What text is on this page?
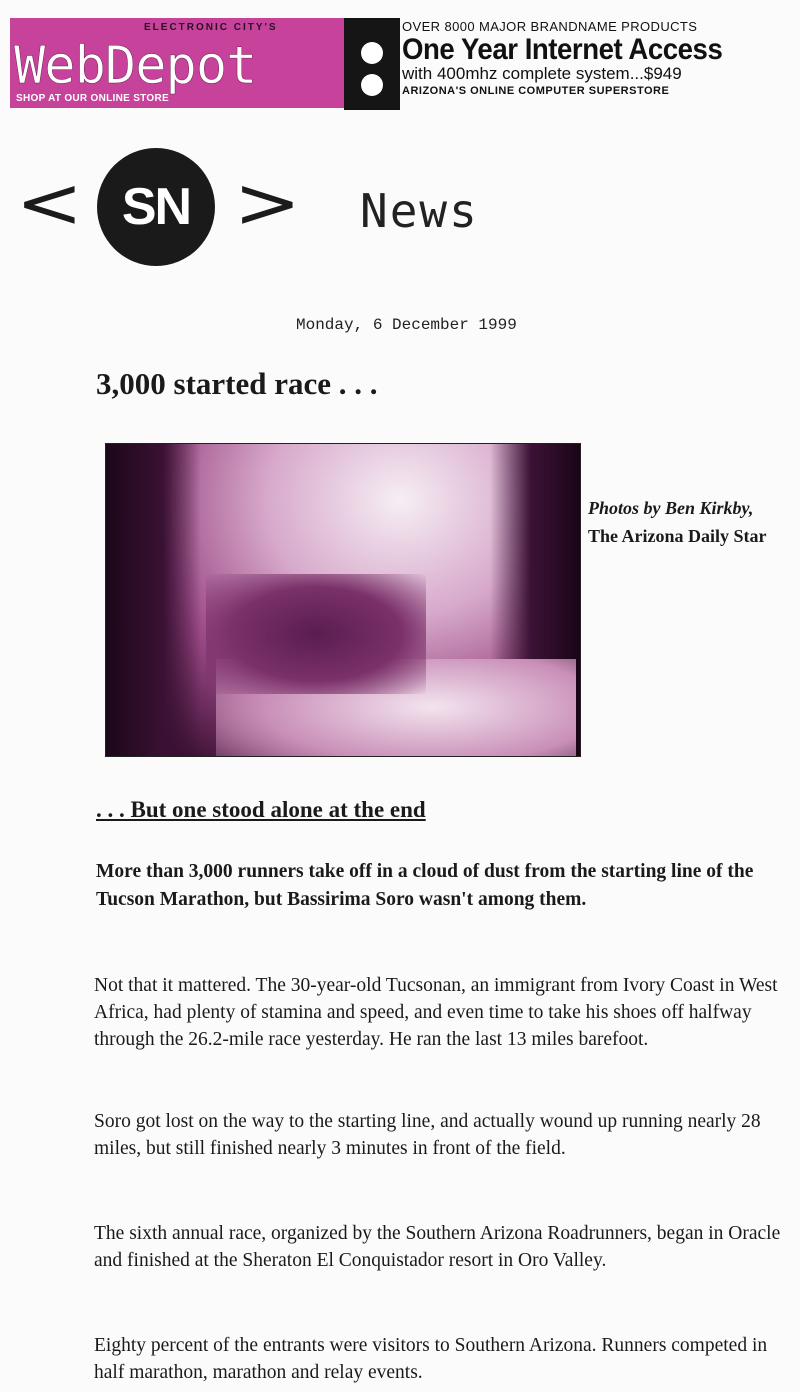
ELECTRONIC CITY'S
WebDepot
SHOP AT OUR ONLINE STORE
OVER 8000 MAJOR BRANDNAME PRODUCTS
One Year Internet Access
with 400mhz complete system...$949
ARIZONA'S ONLINE COMPUTER SUPERSTORE
< SN > News
Monday, 6 December 1999
3,000 started race . . .
Photos by Ben Kirkby,
The Arizona Daily Star
. . . But one stood alone at the end

More than 3,000 runners take off in a cloud of dust from the starting line of the Tucson Marathon, but Bassirima Soro wasn't among them.

Not that it mattered. The 30-year-old Tucsonan, an immigrant from Ivory Coast in West Africa, had plenty of stamina and speed, and even time to take his shoes off halfway through the 26.2-mile race yesterday. He ran the last 13 miles barefoot.

Soro got lost on the way to the starting line, and actually wound up running nearly 28 miles, but still finished nearly 3 minutes in front of the field.

The sixth annual race, organized by the Southern Arizona Roadrunners, began in Oracle and finished at the Sheraton El Conquistador resort in Oro Valley.

Eighty percent of the entrants were visitors to Southern Arizona. Runners competed in half marathon, marathon and relay events.
